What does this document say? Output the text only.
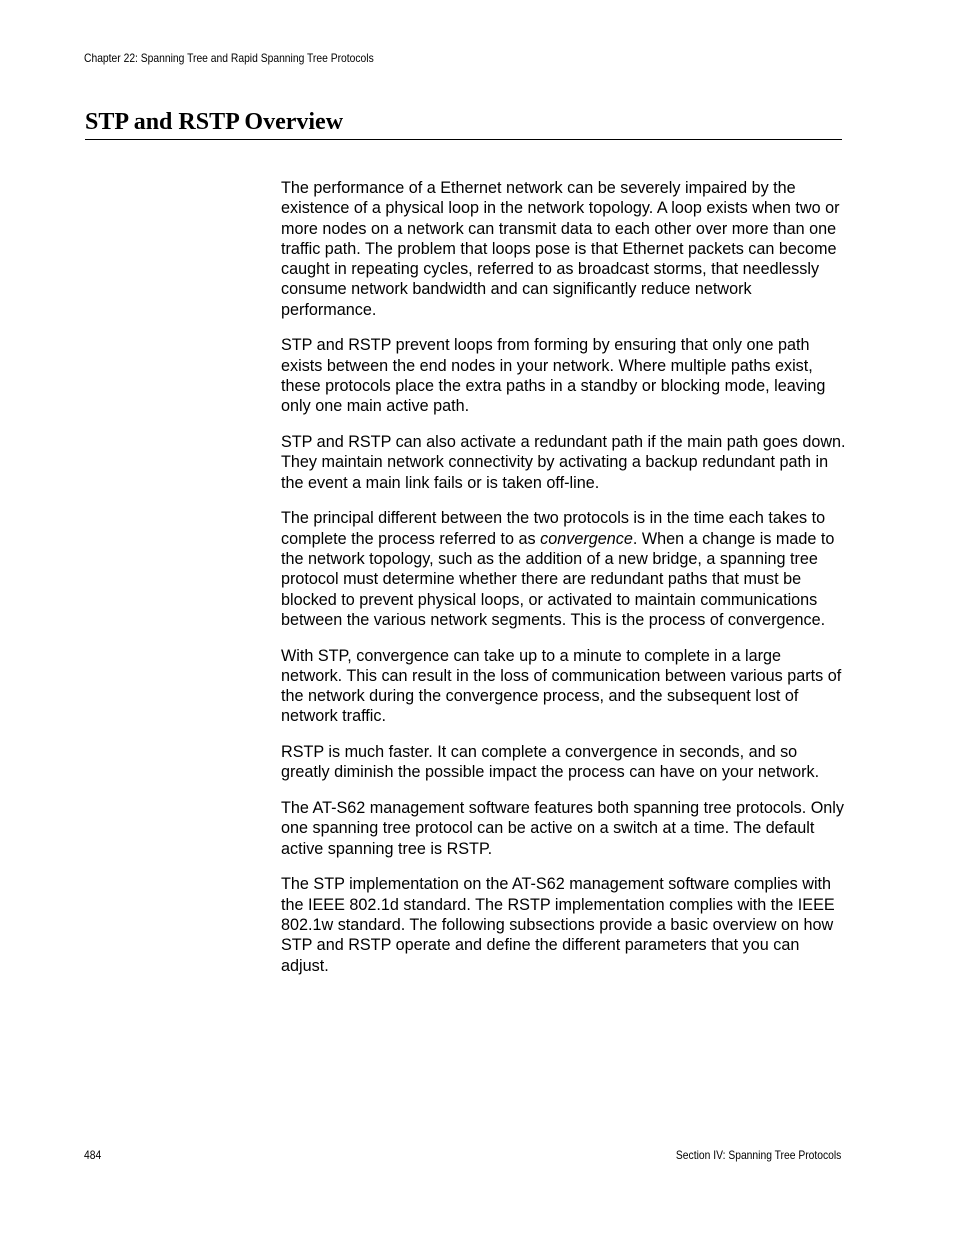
Chapter 22: Spanning Tree and Rapid Spanning Tree Protocols
STP and RSTP Overview

The performance of a Ethernet network can be severely impaired by the existence of a physical loop in the network topology. A loop exists when two or more nodes on a network can transmit data to each other over more than one traffic path. The problem that loops pose is that Ethernet packets can become caught in repeating cycles, referred to as broadcast storms, that needlessly consume network bandwidth and can significantly reduce network performance.

STP and RSTP prevent loops from forming by ensuring that only one path exists between the end nodes in your network. Where multiple paths exist, these protocols place the extra paths in a standby or blocking mode, leaving only one main active path.

STP and RSTP can also activate a redundant path if the main path goes down. They maintain network connectivity by activating a backup redundant path in the event a main link fails or is taken off-line.

The principal different between the two protocols is in the time each takes to complete the process referred to as convergence. When a change is made to the network topology, such as the addition of a new bridge, a spanning tree protocol must determine whether there are redundant paths that must be blocked to prevent physical loops, or activated to maintain communications between the various network segments. This is the process of convergence.

With STP, convergence can take up to a minute to complete in a large network. This can result in the loss of communication between various parts of the network during the convergence process, and the subsequent lost of network traffic.

RSTP is much faster. It can complete a convergence in seconds, and so greatly diminish the possible impact the process can have on your network.

The AT-S62 management software features both spanning tree protocols. Only one spanning tree protocol can be active on a switch at a time. The default active spanning tree is RSTP.

The STP implementation on the AT-S62 management software complies with the IEEE 802.1d standard. The RSTP implementation complies with the IEEE 802.1w standard. The following subsections provide a basic overview on how STP and RSTP operate and define the different parameters that you can adjust.

484	Section IV: Spanning Tree Protocols
